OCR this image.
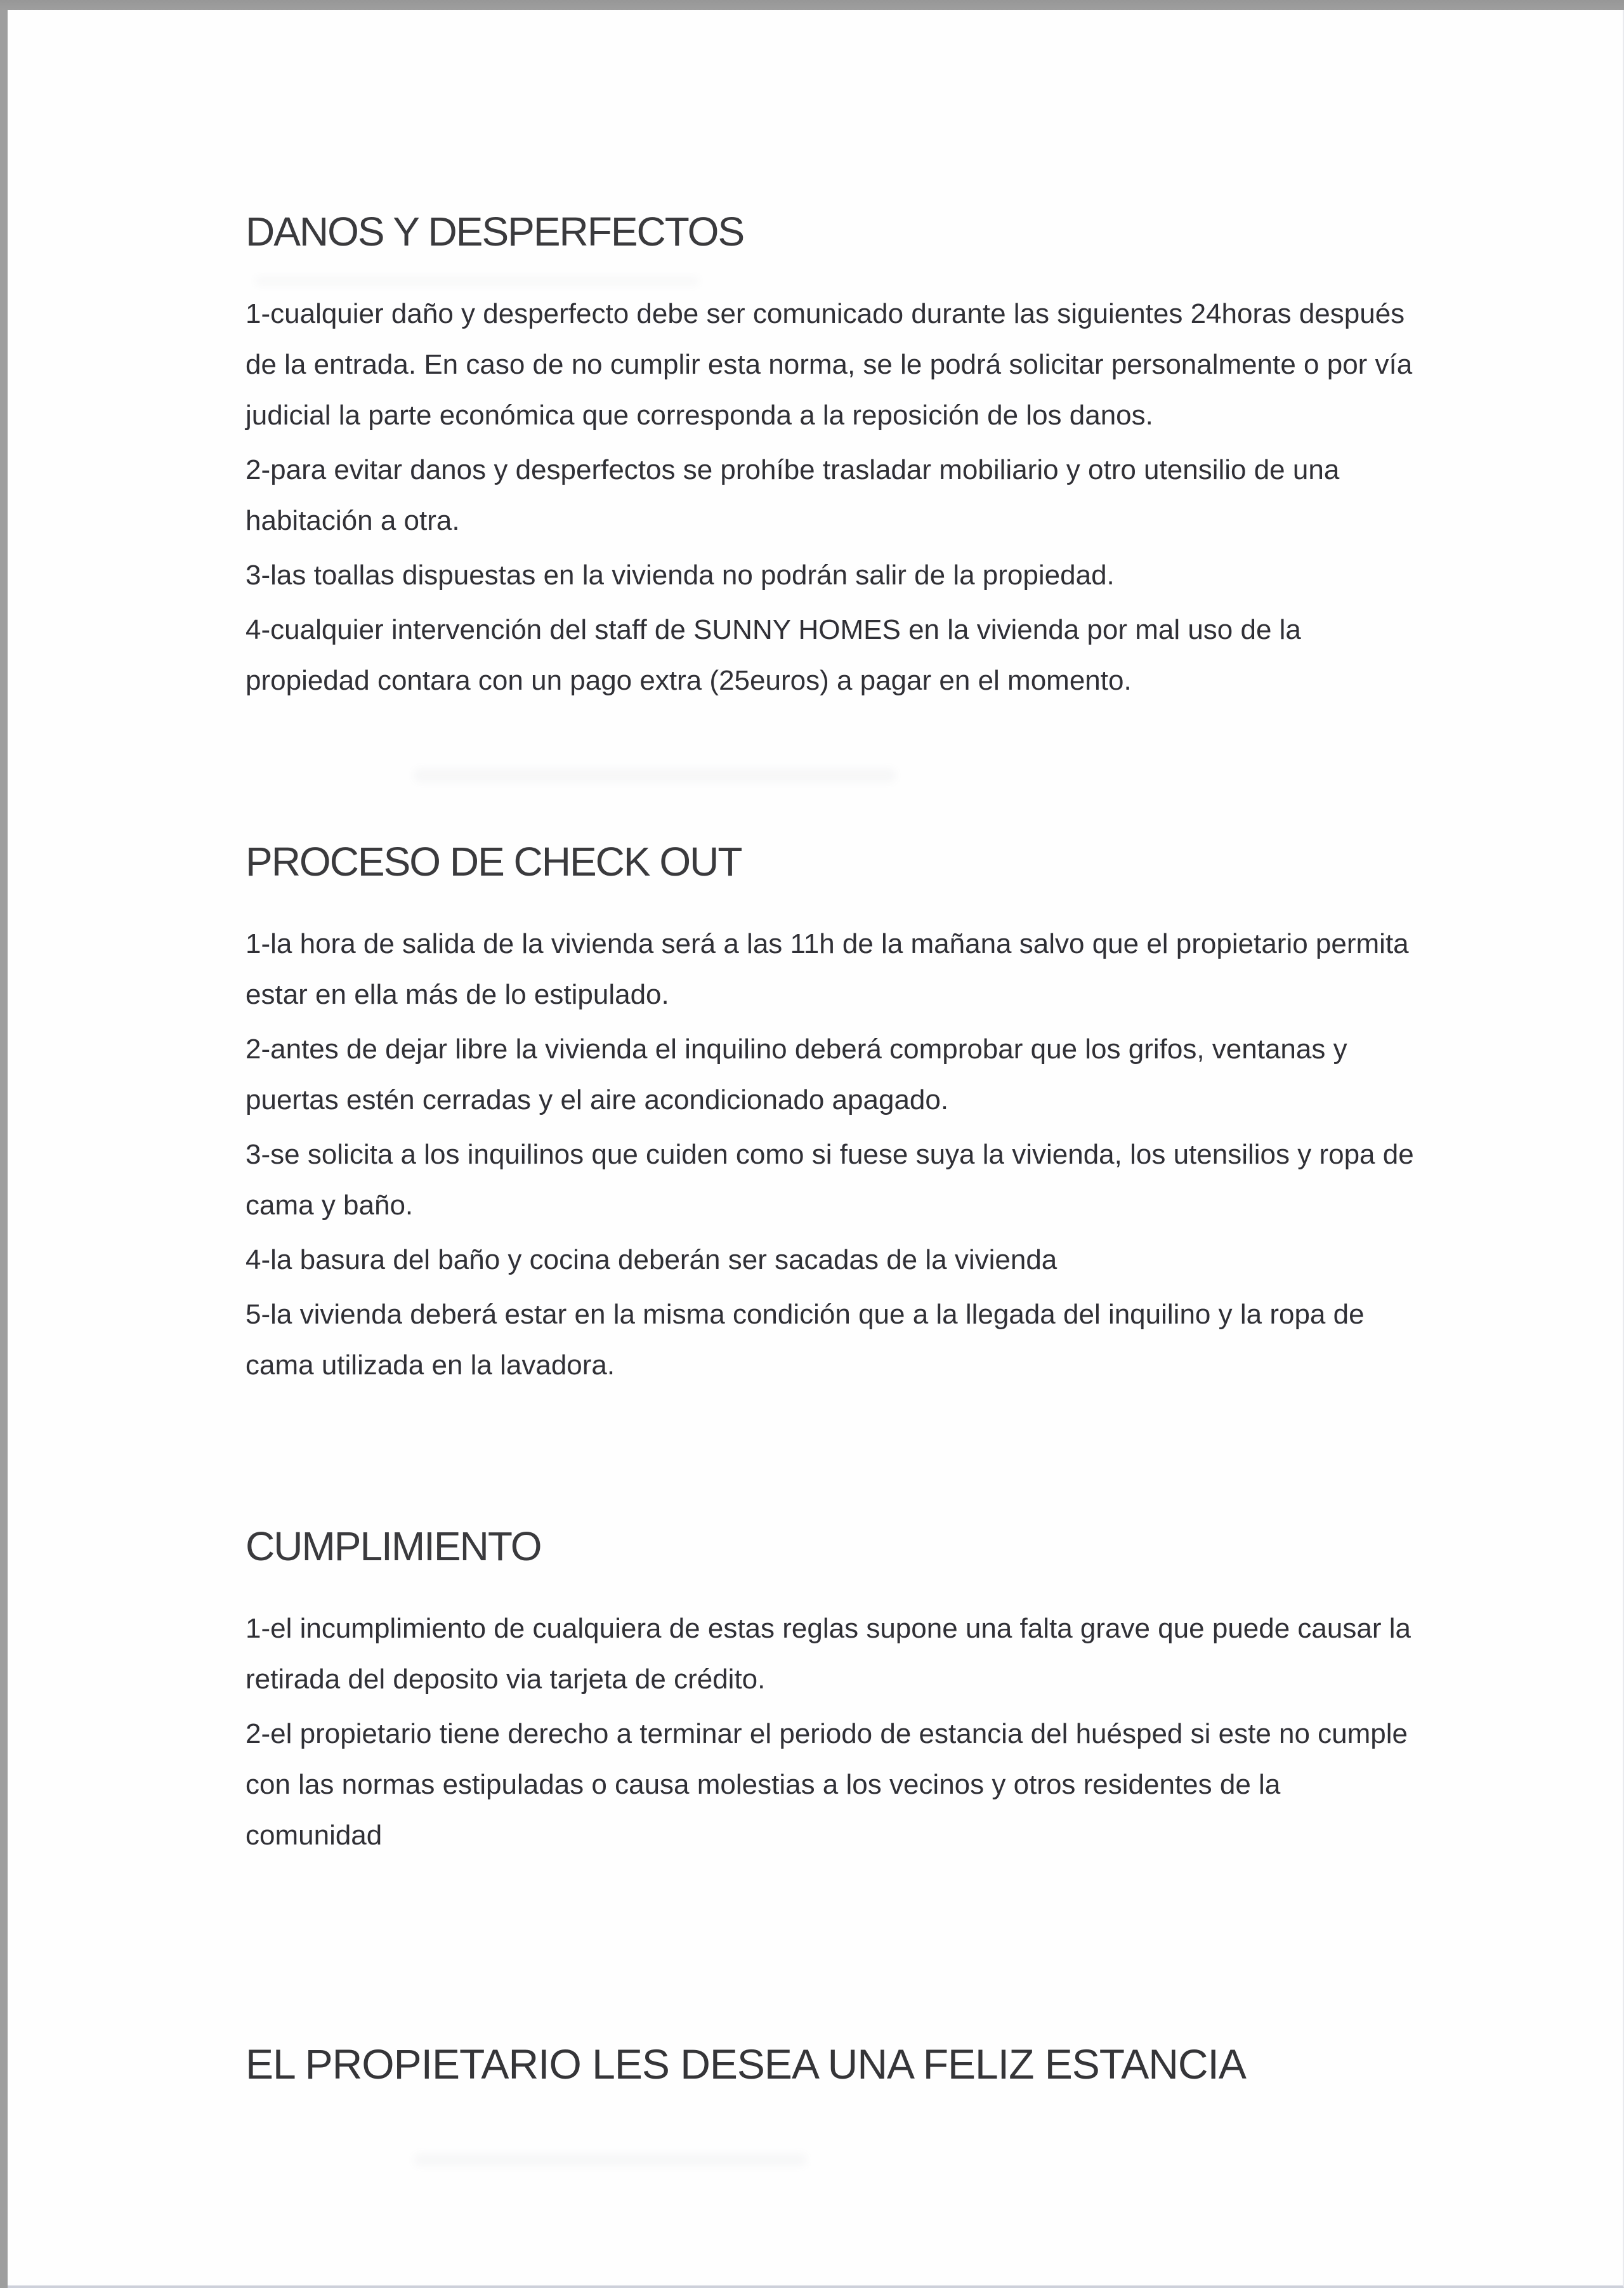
DANOS Y DESPERFECTOS

1-cualquier daño y desperfecto debe ser comunicado durante las siguientes 24horas después de la entrada. En caso de no cumplir esta norma, se le podrá solicitar personalmente o por vía judicial la parte económica que corresponda a la reposición de los danos.

2-para evitar danos y desperfectos se prohíbe trasladar mobiliario y otro utensilio de una habitación a otra.

3-las toallas dispuestas en la vivienda no podrán salir de la propiedad.

4-cualquier intervención del staff de SUNNY HOMES en la vivienda por mal uso de la propiedad contara con un pago extra (25euros) a pagar en el momento.

PROCESO DE CHECK OUT

1-la hora de salida de la vivienda será a las 11h de la mañana salvo que el propietario permita estar en ella más de lo estipulado.

2-antes de dejar libre la vivienda el inquilino deberá comprobar que los grifos, ventanas y puertas estén cerradas y el aire acondicionado apagado.

3-se solicita a los inquilinos que cuiden como si fuese suya la vivienda, los utensilios y ropa de cama y baño.

4-la basura del baño y cocina deberán ser sacadas de la vivienda

5-la vivienda deberá estar en la misma condición que a la llegada del inquilino y la ropa de cama utilizada en la lavadora.

CUMPLIMIENTO

1-el incumplimiento de cualquiera de estas reglas supone una falta grave que puede causar la retirada del deposito via tarjeta de crédito.

2-el propietario tiene derecho a terminar el periodo de estancia del huésped si este no cumple con las normas estipuladas o causa molestias a los vecinos y otros residentes de la comunidad

EL PROPIETARIO LES DESEA UNA FELIZ ESTANCIA
